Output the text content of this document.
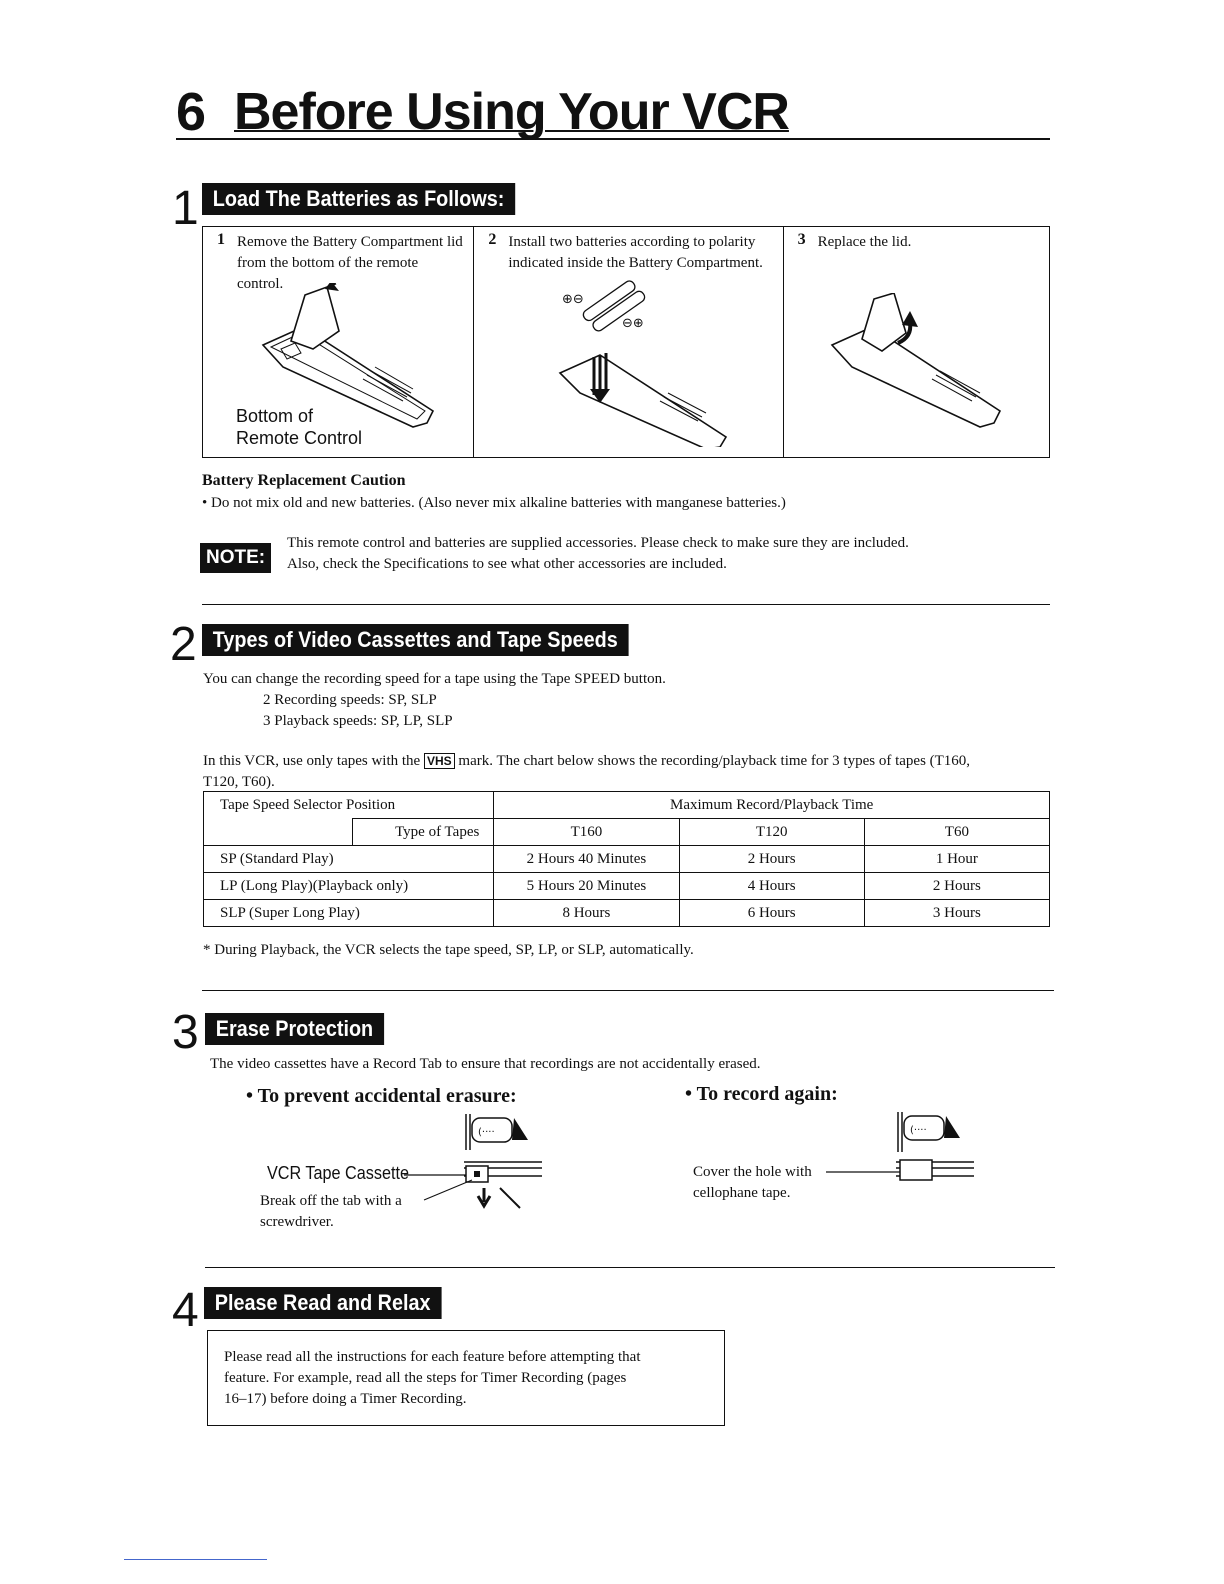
6 Before Using Your VCR
1 Load The Batteries as Follows:
1 Remove the Battery Compartment lid from the bottom of the remote control.
Bottom of
Remote Control
2 Install two batteries according to polarity indicated inside the Battery Compartment.
⊕⊖
⊖⊕
3 Replace the lid.
Battery Replacement Caution
• Do not mix old and new batteries. (Also never mix alkaline batteries with manganese batteries.)
NOTE:
This remote control and batteries are supplied accessories. Please check to make sure they are included.
Also, check the Specifications to see what other accessories are included.
2 Types of Video Cassettes and Tape Speeds
You can change the recording speed for a tape using the Tape SPEED button.
2 Recording speeds: SP, SLP
3 Playback speeds: SP, LP, SLP
In this VCR, use only tapes with the VHS mark. The chart below shows the recording/playback time for 3 types of tapes (T160,
T120, T60).
Tape Speed Selector Position		Maximum Record/Playback Time		
	Type of Tapes	T160	T120	T60
SP (Standard Play)		2 Hours 40 Minutes	2 Hours	1 Hour
LP (Long Play)(Playback only)		5 Hours 20 Minutes	4 Hours	2 Hours
SLP (Super Long Play)		8 Hours	6 Hours	3 Hours
* During Playback, the VCR selects the tape speed, SP, LP, or SLP, automatically.
3 Erase Protection
The video cassettes have a Record Tab to ensure that recordings are not accidentally erased.
• To prevent accidental erasure:	• To record again:
VCR Tape Cassette
Break off the tab with a
screwdriver.
(····
Cover the hole with
cellophane tape.
(····
4 Please Read and Relax
Please read all the instructions for each feature before attempting that
feature. For example, read all the steps for Timer Recording (pages
16–17) before doing a Timer Recording.
